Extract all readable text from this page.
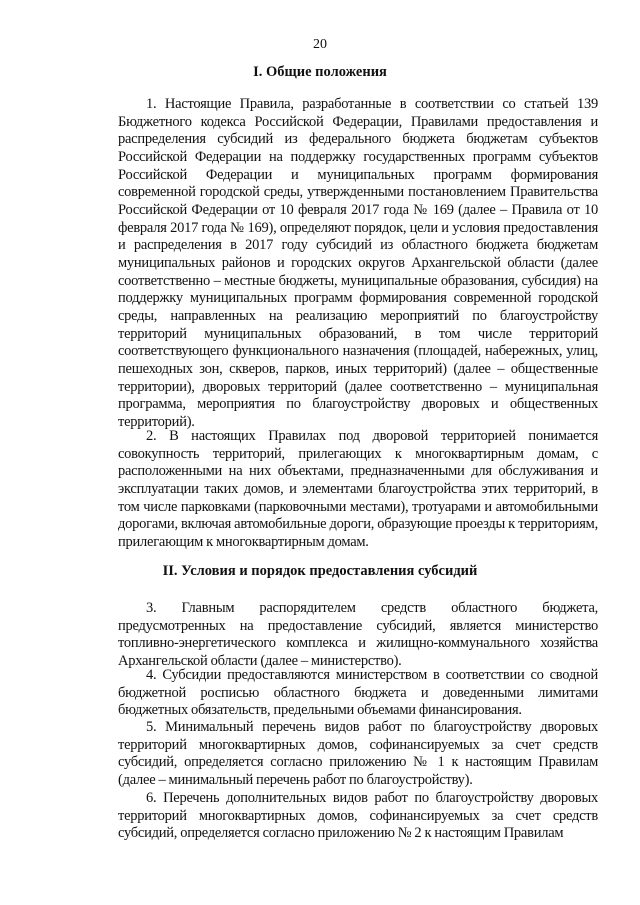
20
I. Общие положения
1. Настоящие Правила, разработанные в соответствии со статьей 139 Бюджетного кодекса Российской Федерации, Правилами предоставления и распределения субсидий из федерального бюджета бюджетам субъектов Российской Федерации на поддержку государственных программ субъектов Российской Федерации и муниципальных программ формирования современной городской среды, утвержденными постановлением Правительства Российской Федерации от 10 февраля 2017 года № 169 (далее – Правила от 10 февраля 2017 года № 169), определяют порядок, цели и условия предоставления и распределения в 2017 году субсидий из областного бюджета бюджетам муниципальных районов и городских округов Архангельской области (далее соответственно – местные бюджеты, муниципальные образования, субсидия) на поддержку муниципальных программ формирования современной городской среды, направленных на реализацию мероприятий по благоустройству территорий муниципальных образований, в том числе территорий соответствующего функционального назначения (площадей, набережных, улиц, пешеходных зон, скверов, парков, иных территорий) (далее – общественные территории), дворовых территорий (далее соответственно – муниципальная программа, мероприятия по благоустройству дворовых и общественных территорий).
2. В настоящих Правилах под дворовой территорией понимается совокупность территорий, прилегающих к многоквартирным домам, с расположенными на них объектами, предназначенными для обслуживания и эксплуатации таких домов, и элементами благоустройства этих территорий, в том числе парковками (парковочными местами), тротуарами и автомобильными дорогами, включая автомобильные дороги, образующие проезды к территориям, прилегающим к многоквартирным домам.
II. Условия и порядок предоставления субсидий
3. Главным распорядителем средств областного бюджета, предусмотренных на предоставление субсидий, является министерство топливно-энергетического комплекса и жилищно-коммунального хозяйства Архангельской области (далее – министерство).
4. Субсидии предоставляются министерством в соответствии со сводной бюджетной росписью областного бюджета и доведенными лимитами бюджетных обязательств, предельными объемами финансирования.
5. Минимальный перечень видов работ по благоустройству дворовых территорий многоквартирных домов, софинансируемых за счет средств субсидий, определяется согласно приложению № 1 к настоящим Правилам (далее – минимальный перечень работ по благоустройству).
6. Перечень дополнительных видов работ по благоустройству дворовых территорий многоквартирных домов, софинансируемых за счет средств субсидий, определяется согласно приложению № 2 к настоящим Правилам
